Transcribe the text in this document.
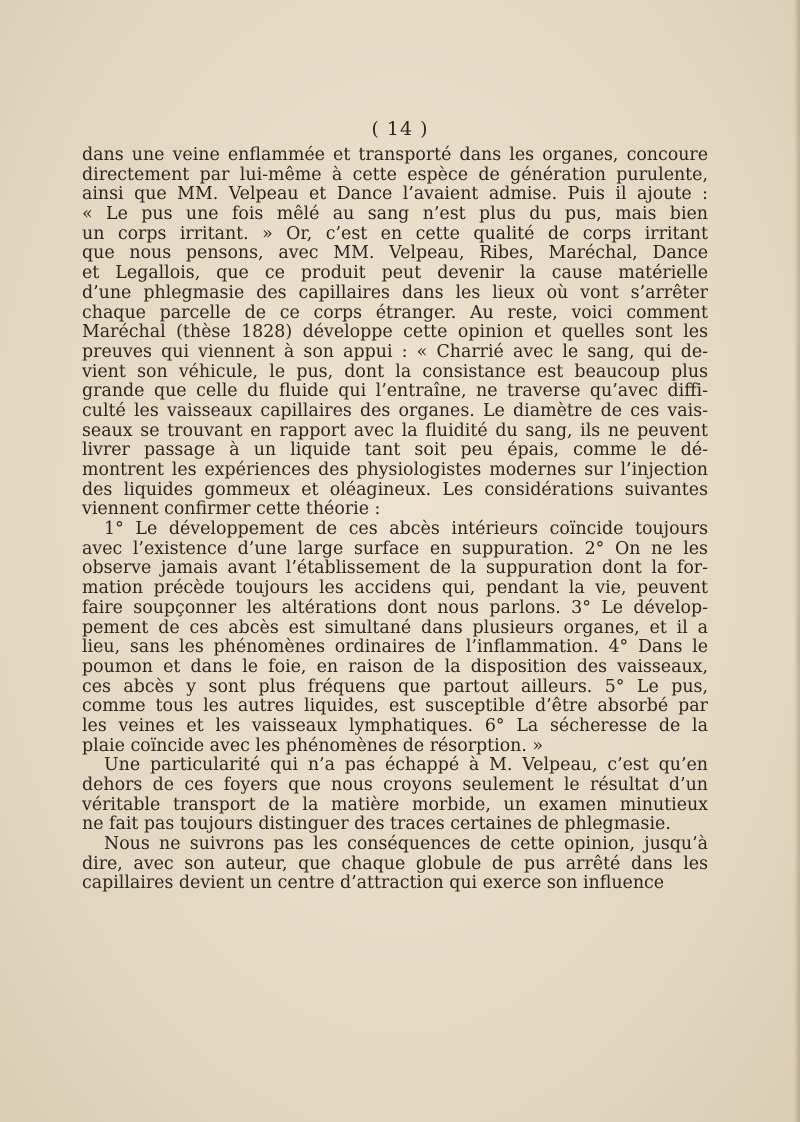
( 14 )
dans une veine enflammée et transporté dans les organes, concoure
directement par lui-même à cette espèce de génération purulente,
ainsi que MM. Velpeau et Dance l’avaient admise. Puis il ajoute :
« Le pus une fois mêlé au sang n’est plus du pus, mais bien
un corps irritant. » Or, c’est en cette qualité de corps irritant
que nous pensons, avec MM. Velpeau, Ribes, Maréchal, Dance
et Legallois, que ce produit peut devenir la cause matérielle
d’une phlegmasie des capillaires dans les lieux où vont s’arrêter
chaque parcelle de ce corps étranger. Au reste, voici comment
Maréchal (thèse 1828) développe cette opinion et quelles sont les
preuves qui viennent à son appui : « Charrié avec le sang, qui de-
vient son véhicule, le pus, dont la consistance est beaucoup plus
grande que celle du fluide qui l’entraîne, ne traverse qu’avec diffi-
culté les vaisseaux capillaires des organes. Le diamètre de ces vais-
seaux se trouvant en rapport avec la fluidité du sang, ils ne peuvent
livrer passage à un liquide tant soit peu épais, comme le dé-
montrent les expériences des physiologistes modernes sur l’injection
des liquides gommeux et oléagineux. Les considérations suivantes
viennent confirmer cette théorie :
1° Le développement de ces abcès intérieurs coïncide toujours
avec l’existence d’une large surface en suppuration. 2° On ne les
observe jamais avant l’établissement de la suppuration dont la for-
mation précède toujours les accidens qui, pendant la vie, peuvent
faire soupçonner les altérations dont nous parlons. 3° Le dévelop-
pement de ces abcès est simultané dans plusieurs organes, et il a
lieu, sans les phénomènes ordinaires de l’inflammation. 4° Dans le
poumon et dans le foie, en raison de la disposition des vaisseaux,
ces abcès y sont plus fréquens que partout ailleurs. 5° Le pus,
comme tous les autres liquides, est susceptible d’être absorbé par
les veines et les vaisseaux lymphatiques. 6° La sécheresse de la
plaie coïncide avec les phénomènes de résorption. »
Une particularité qui n’a pas échappé à M. Velpeau, c’est qu’en
dehors de ces foyers que nous croyons seulement le résultat d’un
véritable transport de la matière morbide, un examen minutieux
ne fait pas toujours distinguer des traces certaines de phlegmasie.
Nous ne suivrons pas les conséquences de cette opinion, jusqu’à
dire, avec son auteur, que chaque globule de pus arrêté dans les
capillaires devient un centre d’attraction qui exerce son influence
